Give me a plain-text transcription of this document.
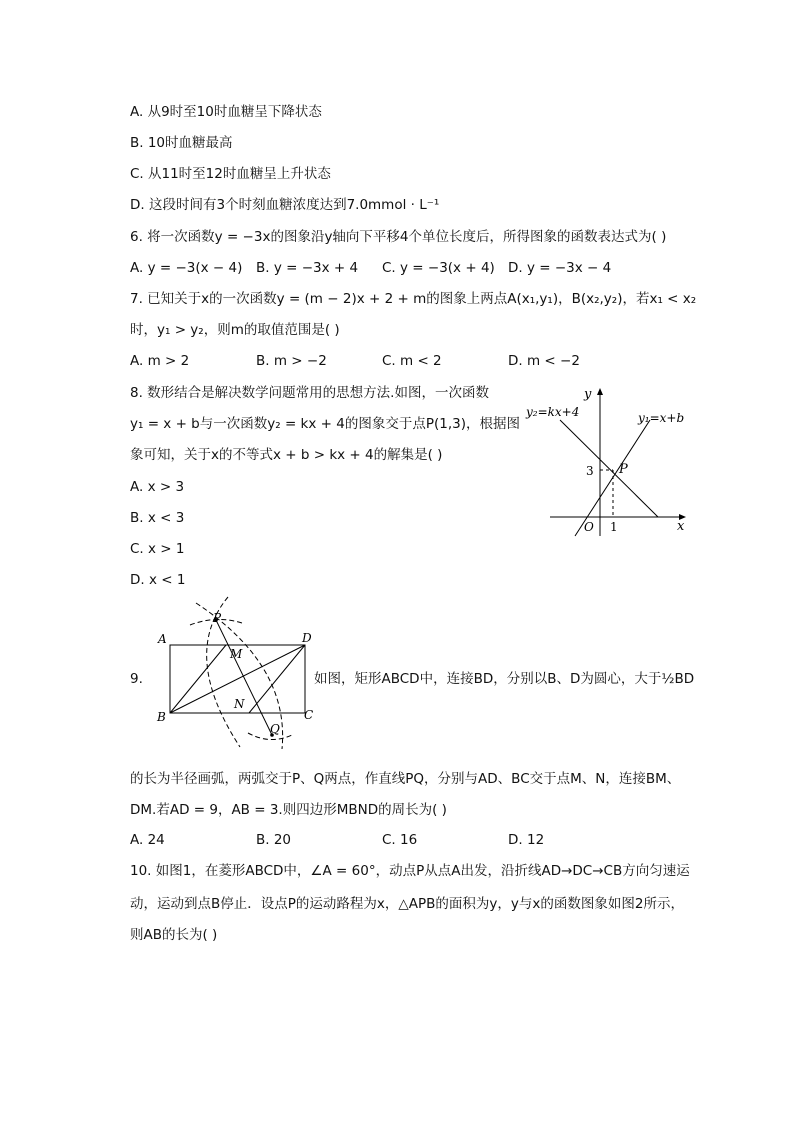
A. 从9时至10时血糖呈下降状态
B. 10时血糖最高
C. 从11时至12时血糖呈上升状态
D. 这段时间有3个时刻血糖浓度达到7.0mmol · L⁻¹
6. 将一次函数y = −3x的图象沿y轴向下平移4个单位长度后，所得图象的函数表达式为( )
A. y = −3(x − 4) B. y = −3x + 4 C. y = −3(x + 4) D. y = −3x − 4
7. 已知关于x的一次函数y = (m − 2)x + 2 + m的图象上两点A(x₁,y₁)，B(x₂,y₂)，若x₁ < x₂
时，y₁ > y₂，则m的取值范围是( )
A. m > 2	B. m > −2	C. m < 2	D. m < −2
8. 数形结合是解决数学问题常用的思想方法.如图，一次函数
y₁ = x + b与一次函数y₂ = kx + 4的图象交于点P(1,3)，根据图
象可知，关于x的不等式x + b > kx + 4的解集是( )
A. x > 3
B. x < 3
C. x > 1
D. x < 1
y
x
O
y₂=kx+4	y₁=x+b
3
1
P
9.
A
B	C
D
M
N
P
Q
如图，矩形ABCD中，连接BD，分别以B、D为圆心，大于½BD
的长为半径画弧，两弧交于P、Q两点，作直线PQ，分别与AD、BC交于点M、N，连接BM、
DM.若AD = 9，AB = 3.则四边形MBND的周长为( )
A. 24	B. 20	C. 16	D. 12
10. 如图1，在菱形ABCD中，∠A = 60°，动点P从点A出发，沿折线AD→DC→CB方向匀速运
动，运动到点B停止．设点P的运动路程为x，△APB的面积为y，y与x的函数图象如图2所示，
则AB的长为( )
